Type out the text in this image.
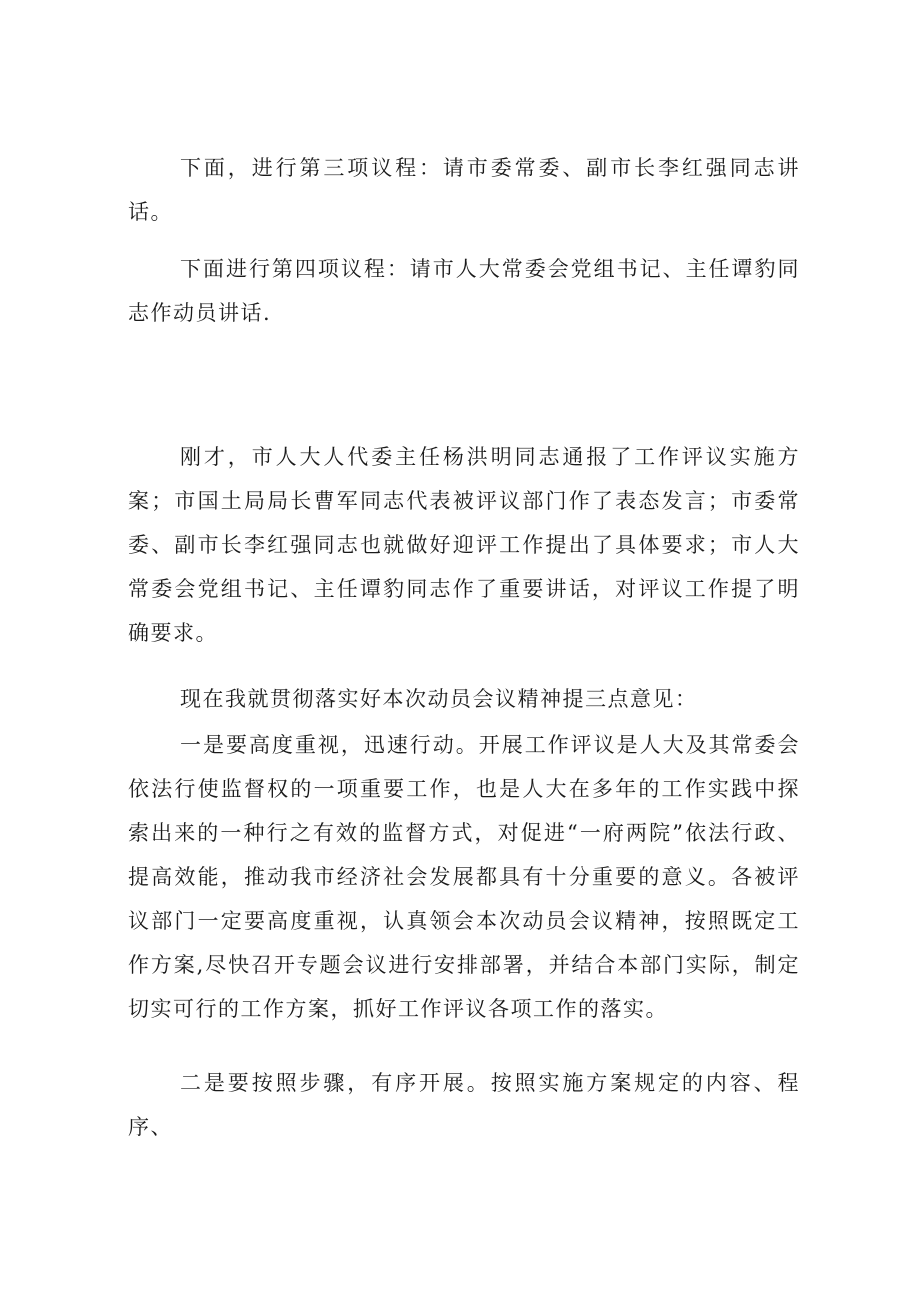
下面，进行第三项议程：请市委常委、副市长李红强同志讲话。

下面进行第四项议程：请市人大常委会党组书记、主任谭豹同志作动员讲话.

刚才，市人大人代委主任杨洪明同志通报了工作评议实施方案；市国土局局长曹军同志代表被评议部门作了表态发言；市委常委、副市长李红强同志也就做好迎评工作提出了具体要求；市人大常委会党组书记、主任谭豹同志作了重要讲话，对评议工作提了明确要求。

现在我就贯彻落实好本次动员会议精神提三点意见：

一是要高度重视，迅速行动。开展工作评议是人大及其常委会依法行使监督权的一项重要工作，也是人大在多年的工作实践中探索出来的一种行之有效的监督方式，对促进“一府两院”依法行政、提高效能，推动我市经济社会发展都具有十分重要的意义。各被评议部门一定要高度重视，认真领会本次动员会议精神，按照既定工作方案,尽快召开专题会议进行安排部署，并结合本部门实际，制定切实可行的工作方案，抓好工作评议各项工作的落实。

二是要按照步骤，有序开展。按照实施方案规定的内容、程序、
